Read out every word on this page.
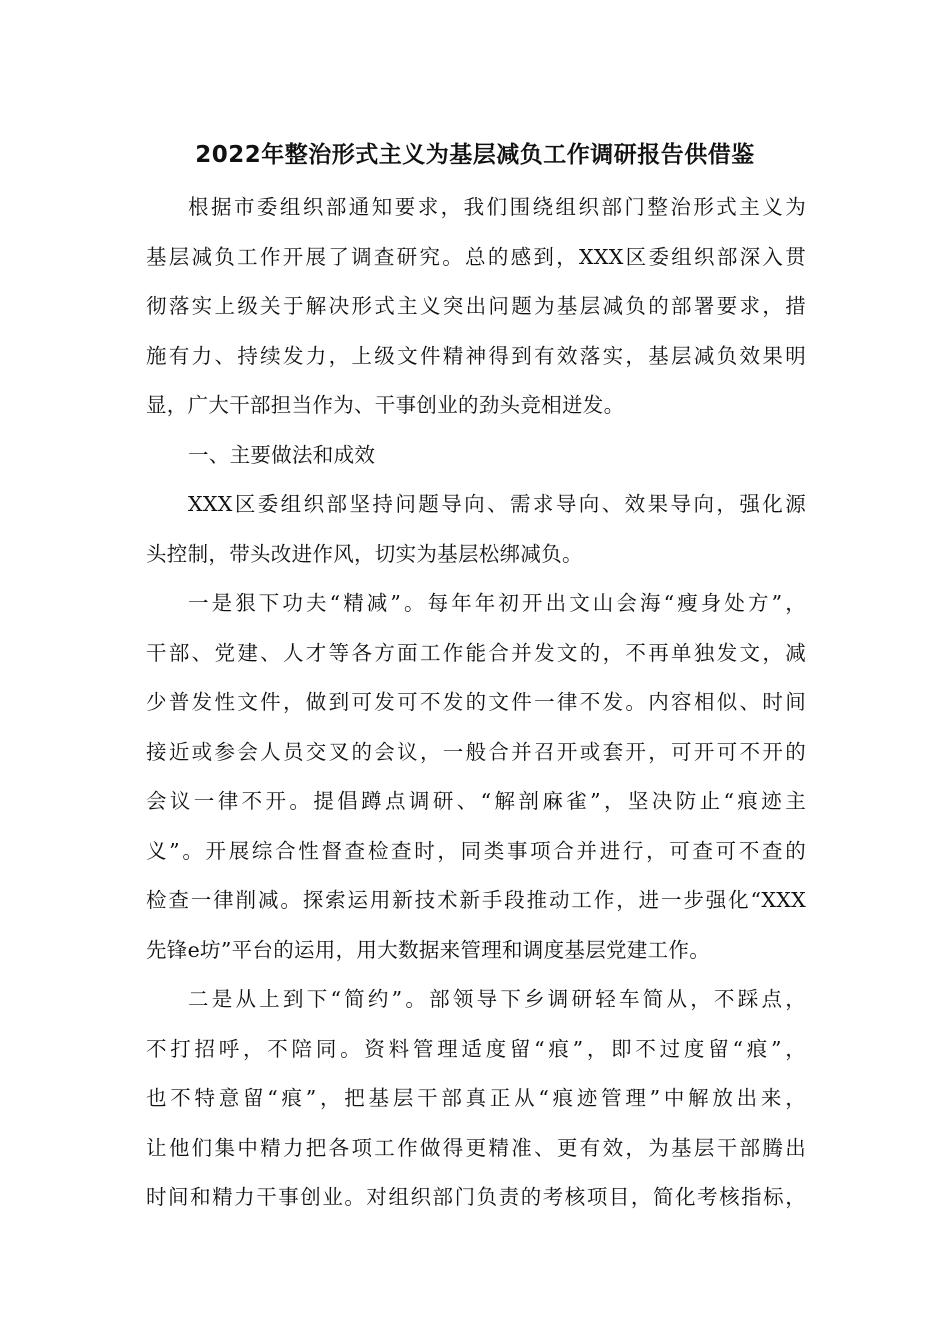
2022年整治形式主义为基层减负工作调研报告供借鉴
根据市委组织部通知要求，我们围绕组织部门整治形式主义为
基层减负工作开展了调查研究。总的感到，XXX区委组织部深入贯
彻落实上级关于解决形式主义突出问题为基层减负的部署要求，措
施有力、持续发力，上级文件精神得到有效落实，基层减负效果明
显，广大干部担当作为、干事创业的劲头竞相迸发。
一、主要做法和成效
XXX区委组织部坚持问题导向、需求导向、效果导向，强化源
头控制，带头改进作风，切实为基层松绑减负。
一是狠下功夫“精减”。每年年初开出文山会海“瘦身处方”，
干部、党建、人才等各方面工作能合并发文的，不再单独发文，减
少普发性文件，做到可发可不发的文件一律不发。内容相似、时间
接近或参会人员交叉的会议，一般合并召开或套开，可开可不开的
会议一律不开。提倡蹲点调研、“解剖麻雀”，坚决防止“痕迹主
义”。开展综合性督查检查时，同类事项合并进行，可查可不查的
检查一律削减。探索运用新技术新手段推动工作，进一步强化“XXX
先锋e坊”平台的运用，用大数据来管理和调度基层党建工作。
二是从上到下“简约”。部领导下乡调研轻车简从，不踩点，
不打招呼，不陪同。资料管理适度留“痕”，即不过度留“痕”，
也不特意留“痕”，把基层干部真正从“痕迹管理”中解放出来，
让他们集中精力把各项工作做得更精准、更有效，为基层干部腾出
时间和精力干事创业。对组织部门负责的考核项目，简化考核指标，
